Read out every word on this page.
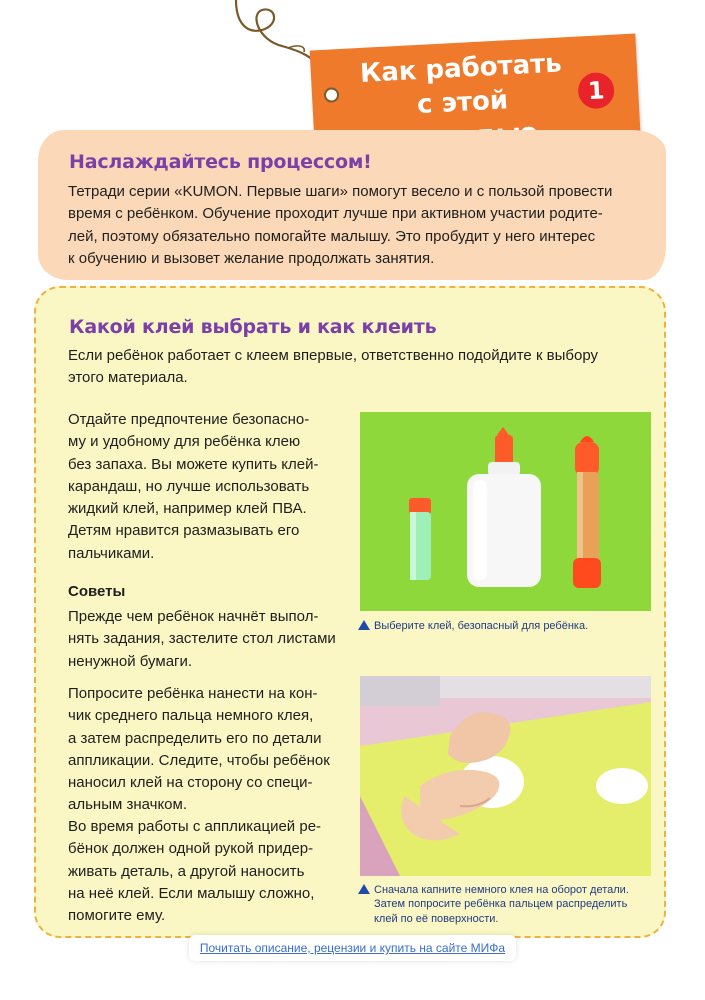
Как работать
с этой	1
Наслаждайтесь процессом!
Тетради серии «KUMON. Первые шаги» помогут весело и с пользой провести
время с ребёнком. Обучение проходит лучше при активном участии родите-
лей, поэтому обязательно помогайте малышу. Это пробудит у него интерес
к обучению и вызовет желание продолжать занятия.
Какой клей выбрать и как клеить
Если ребёнок работает с клеем впервые, ответственно подойдите к выбору
этого материала.
Отдайте предпочтение безопасно-
му и удобному для ребёнка клею
без запаха. Вы можете купить клей-
карандаш, но лучше использовать
жидкий клей, например клей ПВА.
Детям нравится размазывать его
пальчиками.
Советы
Прежде чем ребёнок начнёт выпол-
нять задания, застелите стол листами
ненужной бумаги.
Попросите ребёнка нанести на кон-
чик среднего пальца немного клея,
а затем распределить его по детали
аппликации. Следите, чтобы ребёнок
наносил клей на сторону со специ-
альным значком.
Во время работы с аппликацией ре-
бёнок должен одной рукой придер-
живать деталь, а другой наносить
на неё клей. Если малышу сложно,
помогите ему.
Выберите клей, безопасный для ребёнка.
Сначала капните немного клея на оборот детали.
Затем попросите ребёнка пальцем распределить
клей по её поверхности.
Почитать описание, рецензии и купить на сайте МИФа
